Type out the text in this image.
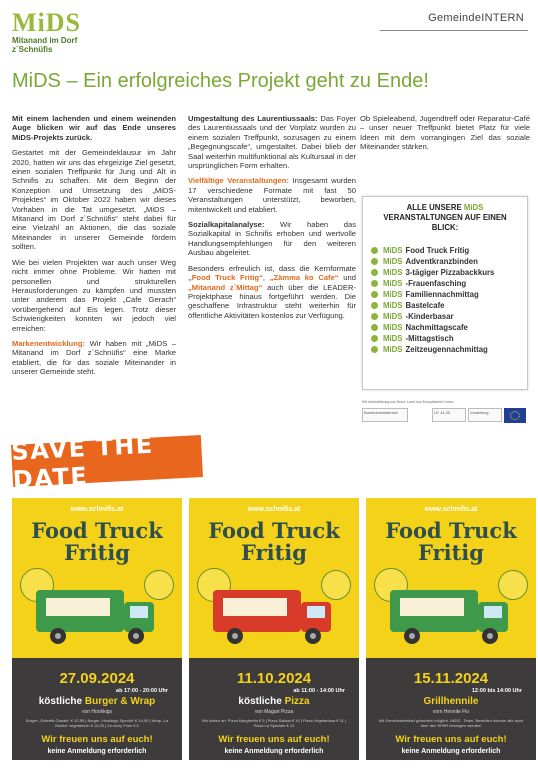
MiDS
Mitanand im Dorf
z´Schnüfis
GemeindeINTERN
MiDS – Ein erfolgreiches Projekt geht zu Ende!

Mit einem lachenden und einem weinenden Auge blicken wir auf das Ende unseres MiDS-Projekts zurück.

Gestartet mit der Gemeindeklausur im Jahr 2020, hatten wir uns das ehrgeizige Ziel gesetzt, einen sozialen Treffpunkt für Jung und Alt in Schnifis zu schaffen. Mit dem Beginn der Konzeption und Umsetzung des „MiDS-Projektes“ im Oktober 2022 haben wir dieses Vorhaben in die Tat umgesetzt. „MiDS – Mitanand im Dorf z´Schnüfis“ steht dabei für eine Vielzahl an Aktionen, die das soziale Miteinander in unserer Gemeinde fördern sollten.

Wie bei vielen Projekten war auch unser Weg nicht immer ohne Probleme. Wir hatten mit personellen und strukturellen Herausforderungen zu kämpfen und mussten unter anderem das Projekt „Cafe Gerach“ vorübergehend auf Eis legen. Trotz dieser Schwierigkeiten konnten wir jedoch viel erreichen:

Markenentwicklung: Wir haben mit „MiDS – Mitanand im Dorf z´Schnüfis“ eine Marke etabliert, die für das soziale Miteinander in unserer Gemeinde steht.

Umgestaltung des Laurentiussaals: Das Foyer des Laurentiussaals und der Vorplatz wurden zu einem sozialen Treffpunkt, sozusagen zu einem „Begegnungscafe“, umgestaltet. Dabei blieb der Saal weiterhin multifunktional als Kultursaal in der ursprünglichen Form erhalten.

Vielfältige Veranstaltungen: Insgesamt wurden 17 verschiedene Formate mit fast 50 Veranstaltungen unterstützt, beworben, mitentwickelt und etabliert.

Sozialkapitalanalyse: Wir haben das Sozialkapital in Schnifis erhoben und wertvolle Handlungsempfehlungen für den weiteren Ausbau abgeleitet.

Besonders erfreulich ist, dass die Kernformate „Food Truck Fritig“, „Zämma ko Cafe“ und „Mitanand z´Mittag“ auch über die LEADER-Projektphase hinaus fortgeführt werden. Die geschaffene Infrastruktur steht weiterhin für öffentliche Aktivitäten kostenlos zur Verfügung.

Ob Spieleabend, Jugendtreff oder Reparatur-Café – unser neuer Treffpunkt bietet Platz für viele Ideen mit dem vorrangingen Ziel das soziale Miteinander stärken.

ALLE UNSERE MiDS VERANSTALTUNGEN AUF EINEN BLICK:
MiDS Food Truck Fritig
MiDS Adventkranzbinden
MiDS 3-tägiger Pizzabackkurs
MiDS -Frauenfasching
MiDS Familiennachmittag
MiDS Bastelcafe
MiDS -Kinderbasar
MiDS Nachmittagscafe
MiDS -Mittagstisch
MiDS Zeitzeugennachmittag
Mit Unterstützung von Bund, Land und Europäischer Union
Bundesministerium	LE 14-20	Vorarlberg
SAVE THE DATE
www.schnifis.at
Food Truck
Fritig
27.09.2024
ab 17:00 - 20:00 Uhr
köstliche Burger & Wrap
von Hookkigs
Burger „Schnifis Classic“ € 10,50 | Burger „Hookkigs Special“ € 14,00 | Wrap „La Bonita“ vegetarisch € 10,00 | Crunchy Fries € 5
Wir freuen uns auf euch!
keine Anmeldung erforderlich
www.schnifis.at
Food Truck
Fritig
11.10.2024
ab 11:00 - 14:00 Uhr
köstliche Pizza
von Magari Pizza
Wir bieten an: Pizza Margherita € 9 | Pizza Salami € 10 | Pizza Vegetariana € 11 | Pizza La Speciale € 12
Wir freuen uns auf euch!
keine Anmeldung erforderlich
www.schnifis.at
Food Truck
Fritig
15.11.2024
12:00 bis 14:00 Uhr
Grillhennile
vom Hennile Flo
Mit Gemeindebedarf gutschein möglich. MiDS - Team. Bestellen können alle auch über den SPAR besorgen werden!
Wir freuen uns auf euch!
keine Anmeldung erforderlich
